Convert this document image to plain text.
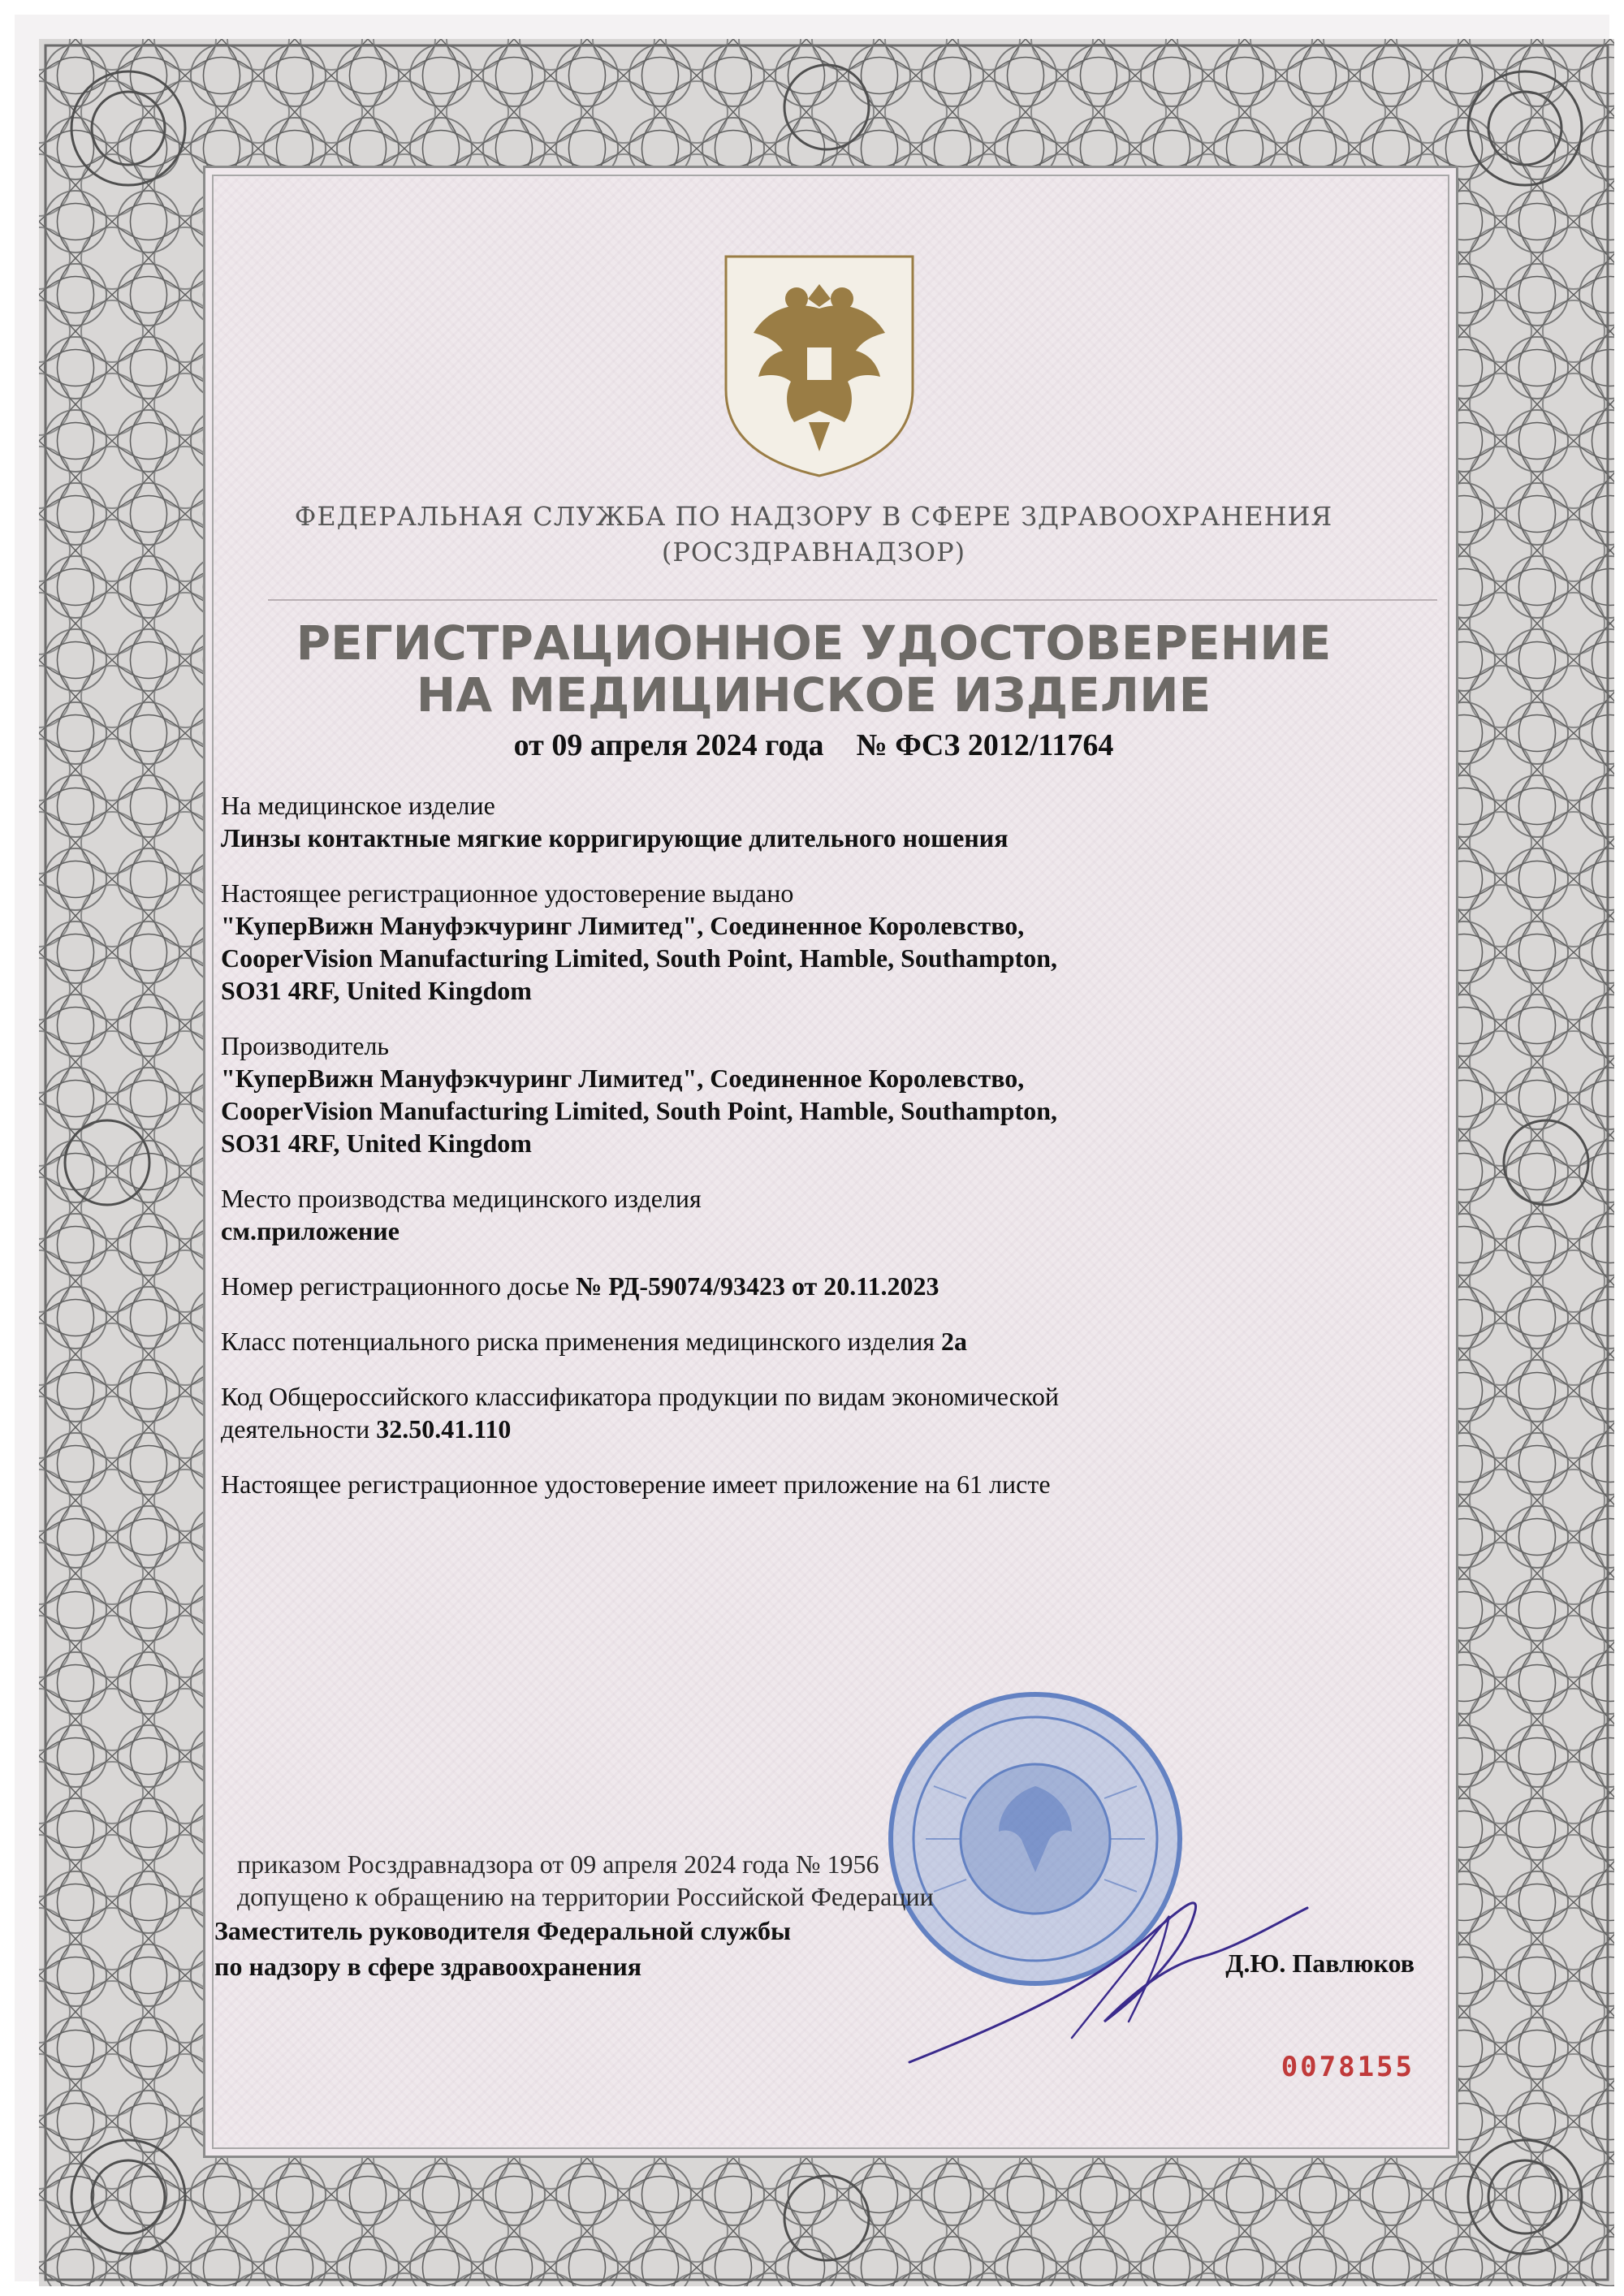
ФЕДЕРАЛЬНАЯ СЛУЖБА ПО НАДЗОРУ В СФЕРЕ ЗДРАВООХРАНЕНИЯ
(РОСЗДРАВНАДЗОР)
РЕГИСТРАЦИОННОЕ УДОСТОВЕРЕНИЕ
НА МЕДИЦИНСКОЕ ИЗДЕЛИЕ
от 09 апреля 2024 года № ФСЗ 2012/11764
На медицинское изделие
Линзы контактные мягкие корригирующие длительного ношения
Настоящее регистрационное удостоверение выдано
"КуперВижн Мануфэкчуринг Лимитед", Соединенное Королевство,
CooperVision Manufacturing Limited, South Point, Hamble, Southampton,
SO31 4RF, United Kingdom
Производитель
"КуперВижн Мануфэкчуринг Лимитед", Соединенное Королевство,
CooperVision Manufacturing Limited, South Point, Hamble, Southampton,
SO31 4RF, United Kingdom
Место производства медицинского изделия
см.приложение
Номер регистрационного досье № РД-59074/93423 от 20.11.2023
Класс потенциального риска применения медицинского изделия 2а
Код Общероссийского классификатора продукции по видам экономической
деятельности 32.50.41.110
Настоящее регистрационное удостоверение имеет приложение на 61 листе
приказом Росздравнадзора от 09 апреля 2024 года № 1956
допущено к обращению на территории Российской Федерации
Заместитель руководителя Федеральной службы
по надзору в сфере здравоохранения	Д.Ю. Павлюков
0078155
